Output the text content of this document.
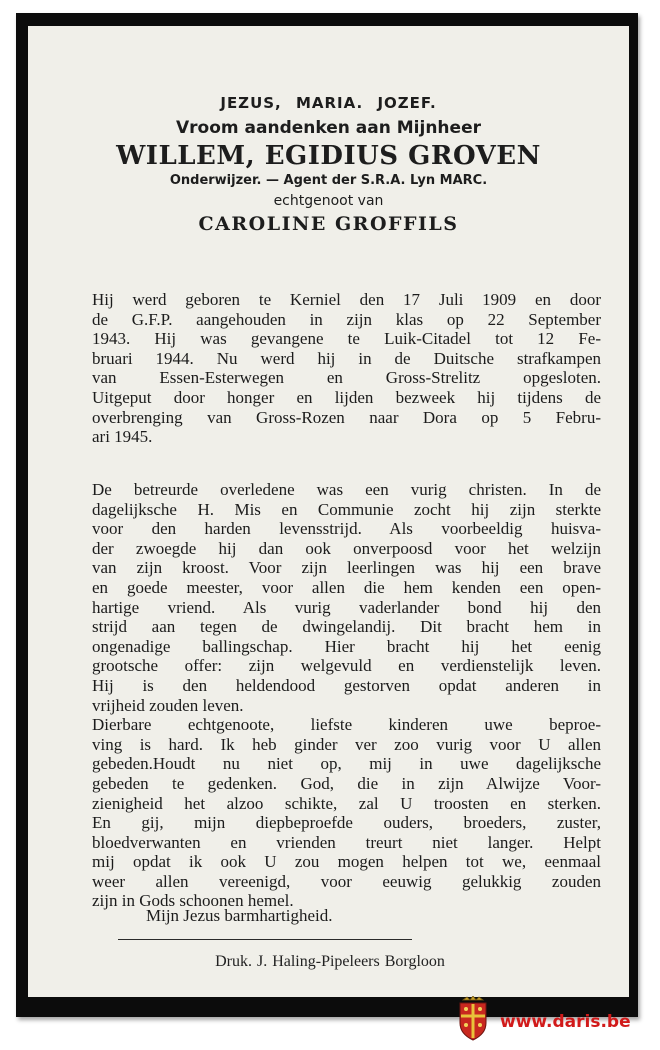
JEZUS, MARIA. JOZEF.
Vroom aandenken aan Mijnheer
WILLEM, EGIDIUS GROVEN
Onderwijzer. — Agent der S.R.A. Lyn MARC.
echtgenoot van
CAROLINE GROFFILS
Hij werd geboren te Kerniel den 17 Juli 1909 en door
de G.F.P. aangehouden in zijn klas op 22 September
1943. Hij was gevangene te Luik-Citadel tot 12 Fe-
bruari 1944. Nu werd hij in de Duitsche strafkampen
van Essen-Esterwegen en Gross-Strelitz opgesloten.
Uitgeput door honger en lijden bezweek hij tijdens de
overbrenging van Gross-Rozen naar Dora op 5 Febru-
ari 1945.
De betreurde overledene was een vurig christen. In de
dagelijksche H. Mis en Communie zocht hij zijn sterkte
voor den harden levensstrijd. Als voorbeeldig huisva-
der zwoegde hij dan ook onverpoosd voor het welzijn
van zijn kroost. Voor zijn leerlingen was hij een brave
en goede meester, voor allen die hem kenden een open-
hartige vriend. Als vurig vaderlander bond hij den
strijd aan tegen de dwingelandij. Dit bracht hem in
ongenadige ballingschap. Hier bracht hij het eenig
grootsche offer: zijn welgevuld en verdienstelijk leven.
Hij is den heldendood gestorven opdat anderen in
vrijheid zouden leven.
Dierbare echtgenoote, liefste kinderen uwe beproe-
ving is hard. Ik heb ginder ver zoo vurig voor U allen
gebeden.Houdt nu niet op, mij in uwe dagelijksche
gebeden te gedenken. God, die in zijn Alwijze Voor-
zienigheid het alzoo schikte, zal U troosten en sterken.
En gij, mijn diepbeproefde ouders, broeders, zuster,
bloedverwanten en vrienden treurt niet langer. Helpt
mij opdat ik ook U zou mogen helpen tot we, eenmaal
weer allen vereenigd, voor eeuwig gelukkig zouden
zijn in Gods schoonen hemel.
Mijn Jezus barmhartigheid.
Druk. J. Haling-Pipeleers Borgloon
www.daris.be
